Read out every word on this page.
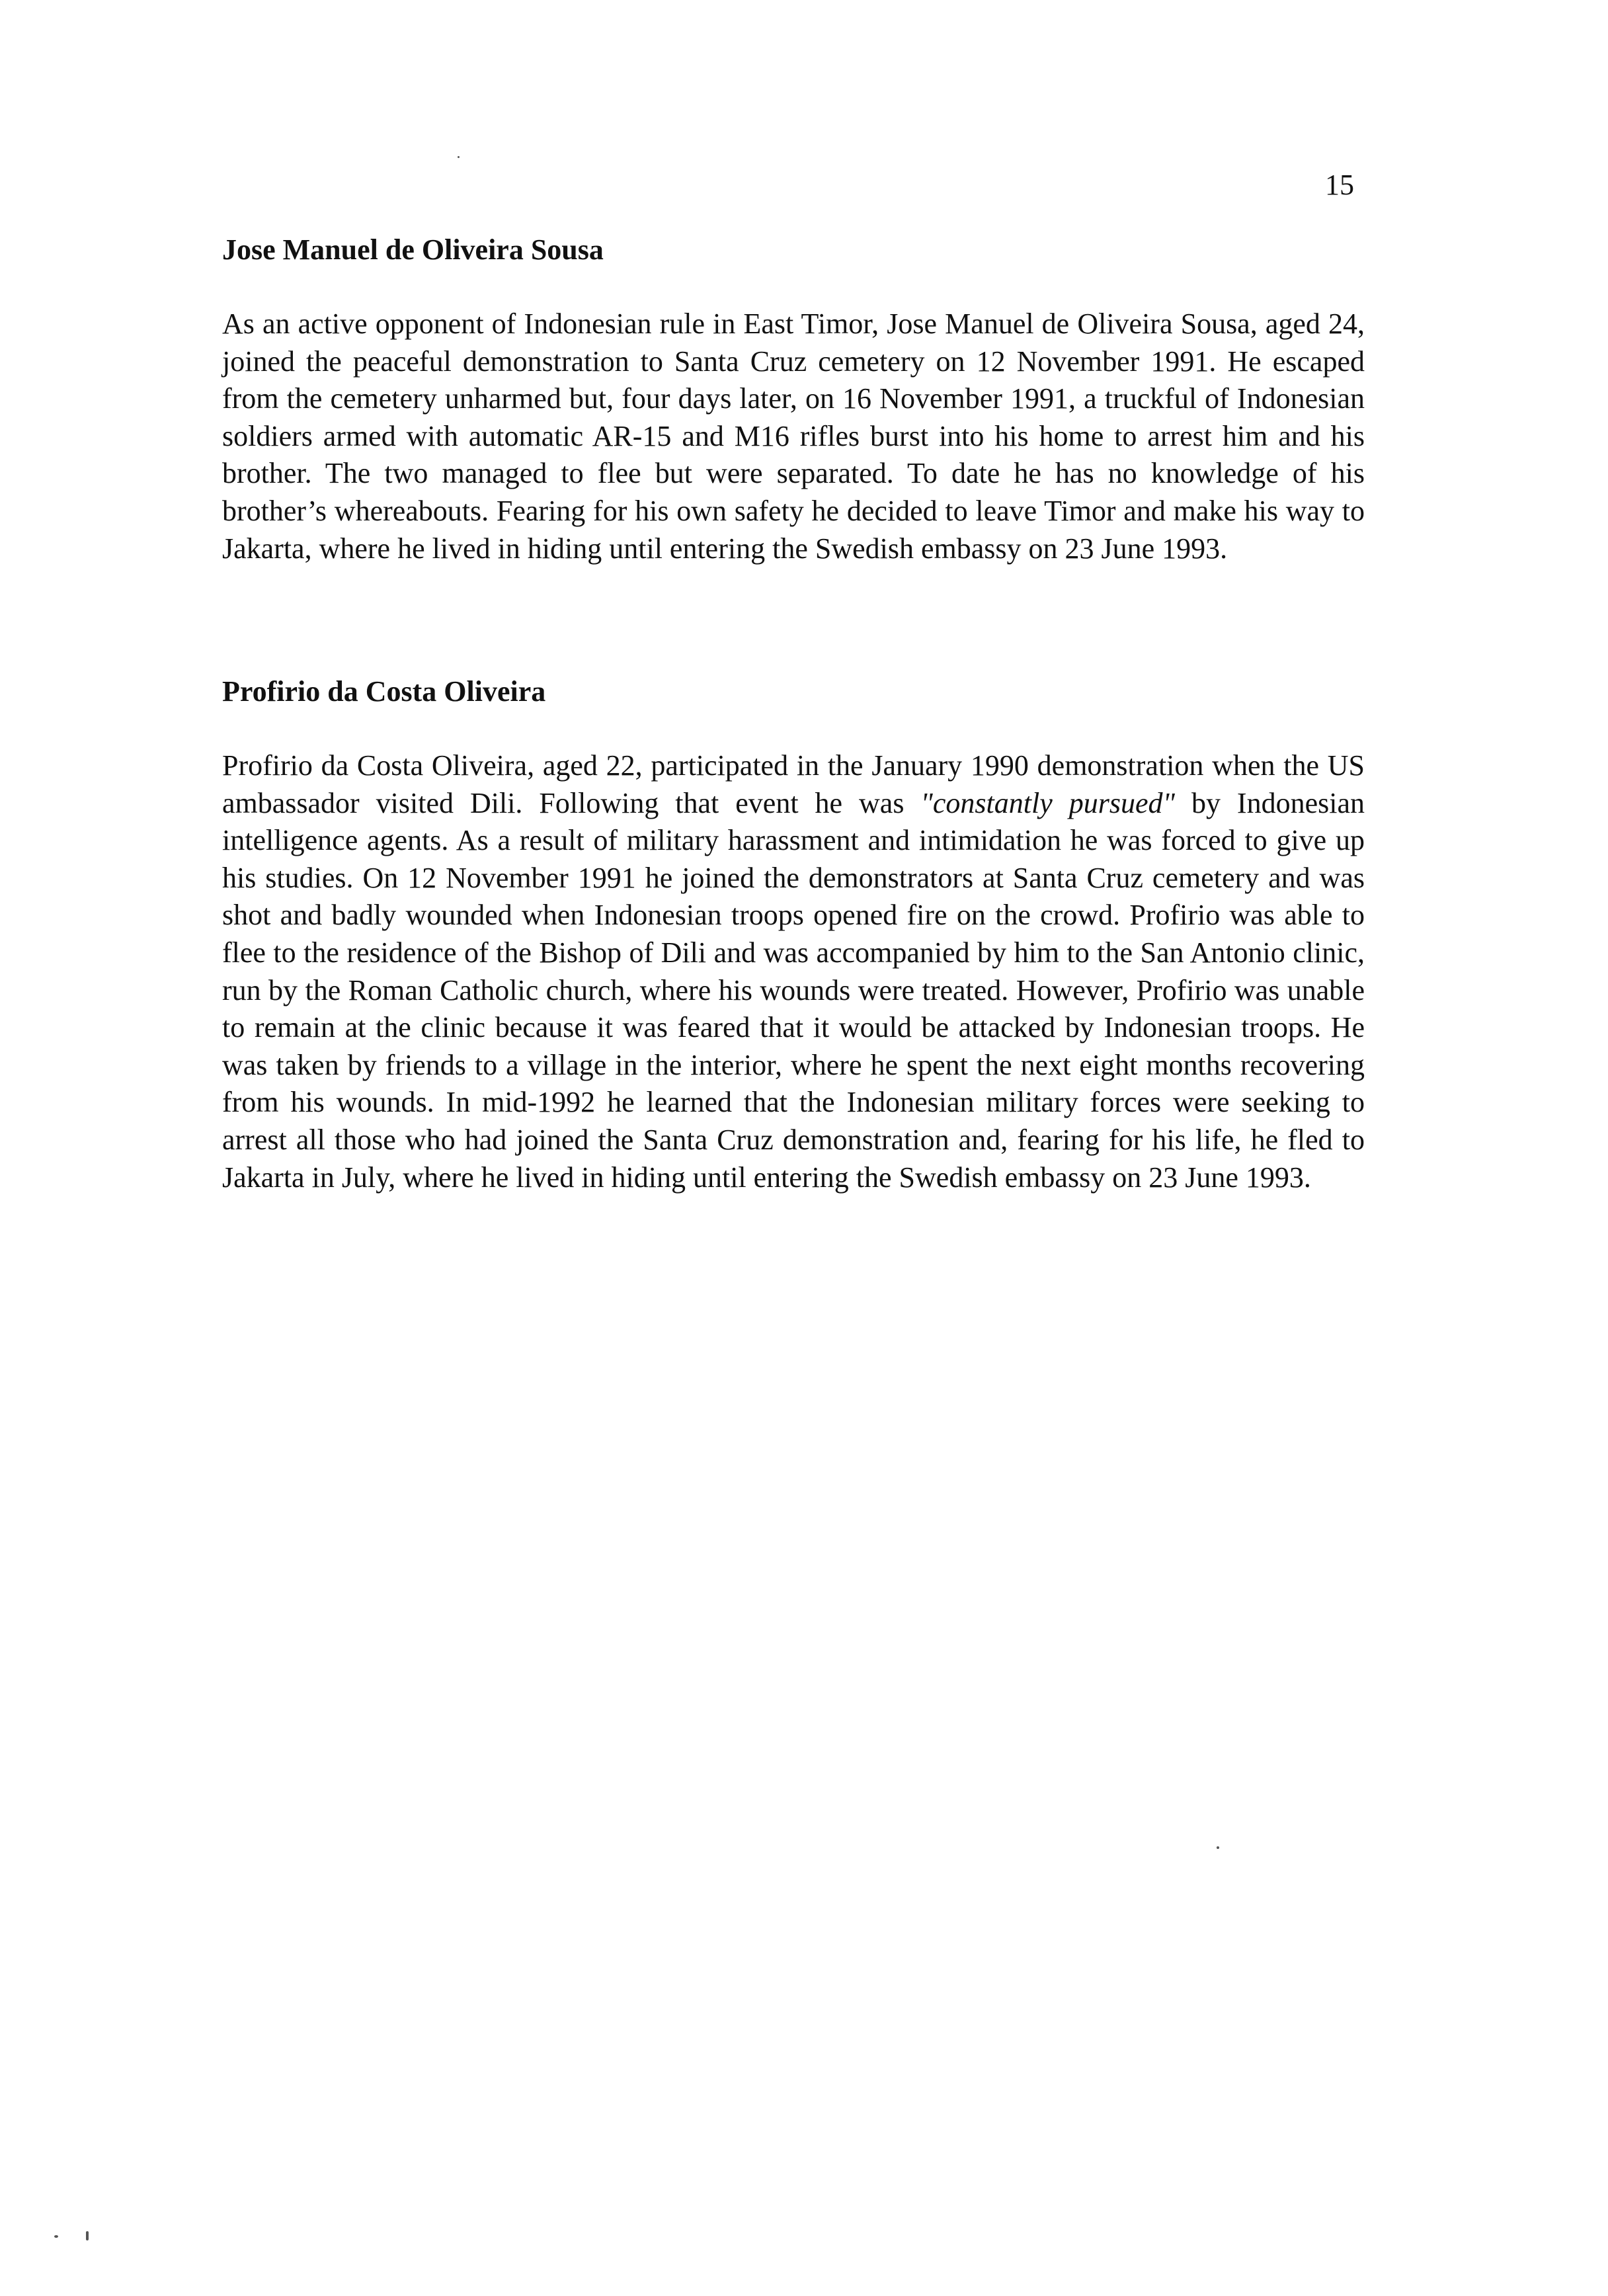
15
Jose Manuel de Oliveira Sousa

As an active opponent of Indonesian rule in East Timor, Jose Manuel de Oliveira Sousa, aged 24, joined the peaceful demonstration to Santa Cruz cemetery on 12 November 1991. He escaped from the cemetery unharmed but, four days later, on 16 November 1991, a truckful of Indonesian soldiers armed with automatic AR-15 and M16 rifles burst into his home to arrest him and his brother. The two managed to flee but were separated. To date he has no knowledge of his brother’s whereabouts. Fearing for his own safety he decided to leave Timor and make his way to Jakarta, where he lived in hiding until entering the Swedish embassy on 23 June 1993.

Profirio da Costa Oliveira

Profirio da Costa Oliveira, aged 22, participated in the January 1990 demonstration when the US ambassador visited Dili. Following that event he was "constantly pursued" by Indonesian intelligence agents. As a result of military harassment and intimidation he was forced to give up his studies. On 12 November 1991 he joined the demonstrators at Santa Cruz cemetery and was shot and badly wounded when Indonesian troops opened fire on the crowd. Profirio was able to flee to the residence of the Bishop of Dili and was accompanied by him to the San Antonio clinic, run by the Roman Catholic church, where his wounds were treated. However, Profirio was unable to remain at the clinic because it was feared that it would be attacked by Indonesian troops. He was taken by friends to a village in the interior, where he spent the next eight months recovering from his wounds. In mid-1992 he learned that the Indonesian military forces were seeking to arrest all those who had joined the Santa Cruz demonstration and, fearing for his life, he fled to Jakarta in July, where he lived in hiding until entering the Swedish embassy on 23 June 1993.
